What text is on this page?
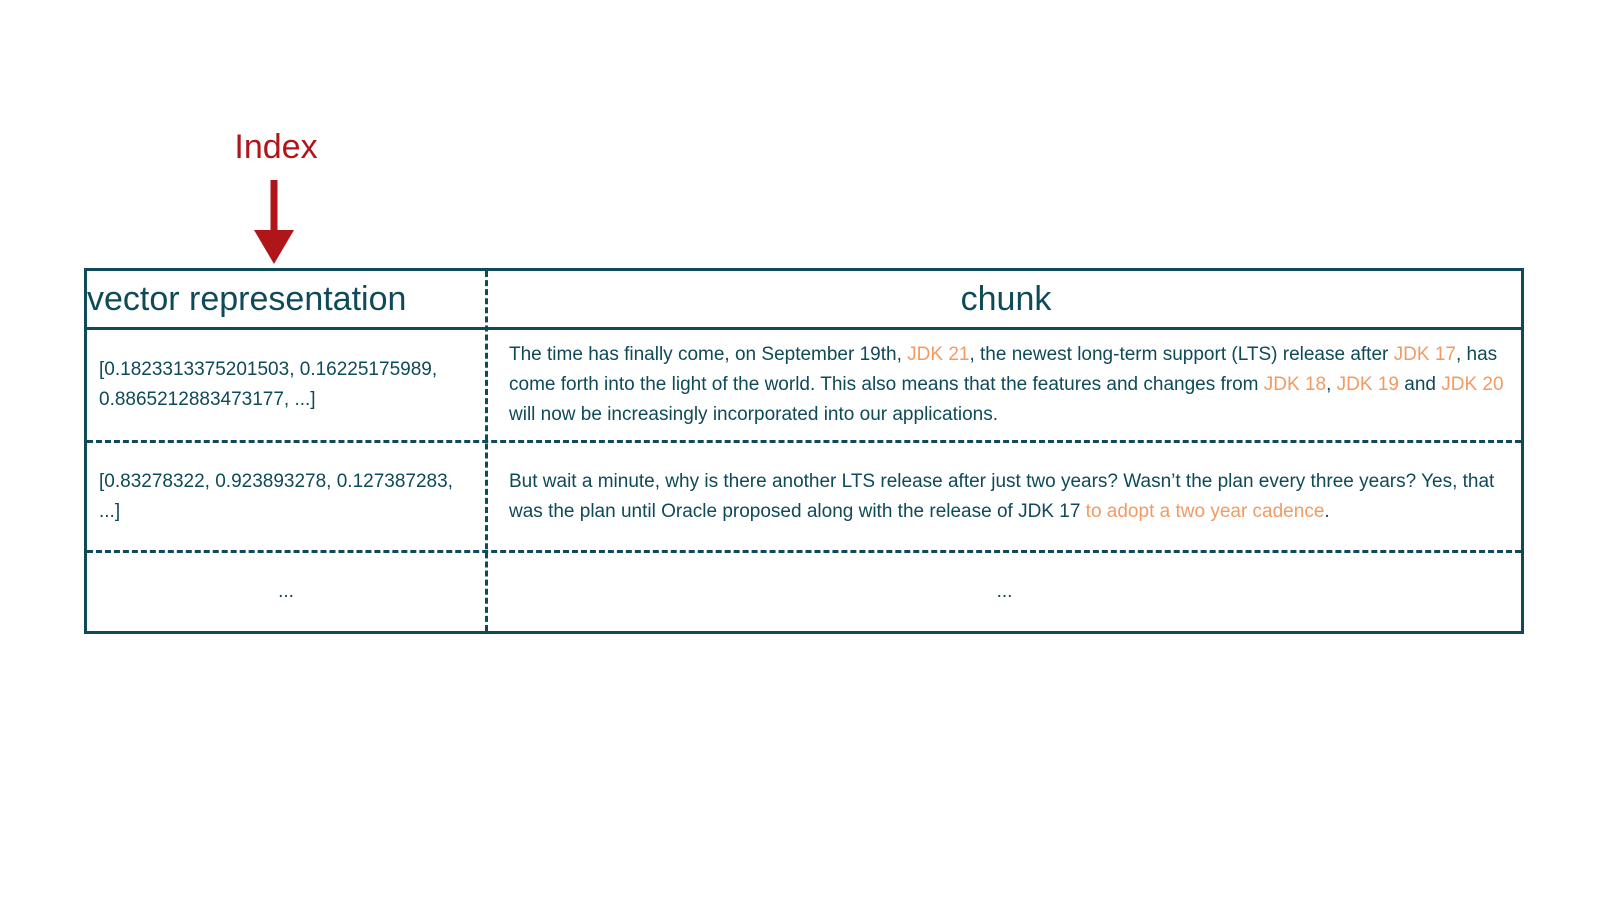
Index
vector representation	chunk
[0.1823313375201503, 0.16225175989, 0.8865212883473177, ...]
The time has finally come, on September 19th, JDK 21, the newest long-term support (LTS) release after JDK 17, has come forth into the light of the world. This also means that the features and changes from JDK 18, JDK 19 and JDK 20 will now be increasingly incorporated into our applications.
[0.83278322, 0.923893278, 0.127387283, ...]
But wait a minute, why is there another LTS release after just two years? Wasn’t the plan every three years? Yes, that was the plan until Oracle proposed along with the release of JDK 17 to adopt a two year cadence.
...	...
